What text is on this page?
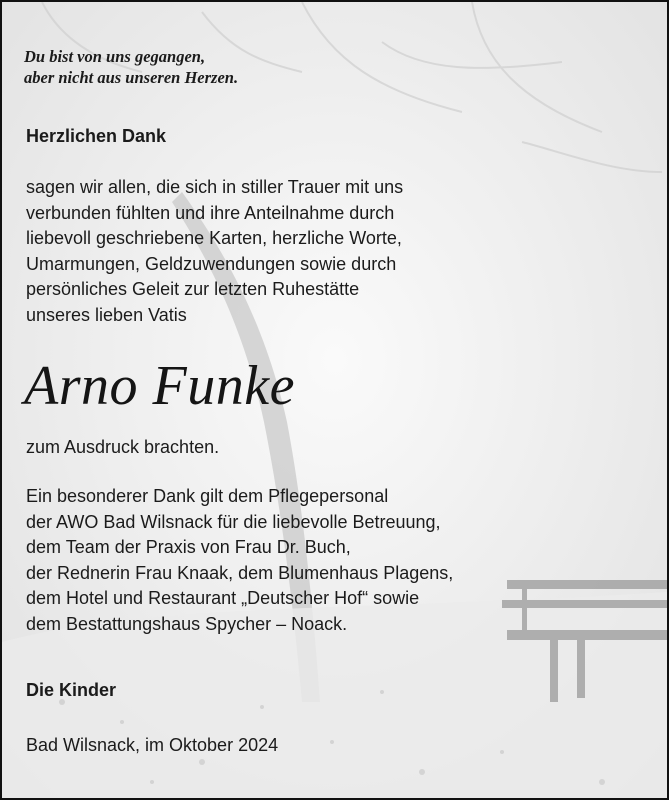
Du bist von uns gegangen,
aber nicht aus unseren Herzen.
Herzlichen Dank
sagen wir allen, die sich in stiller Trauer mit uns
verbunden fühlten und ihre Anteilnahme durch
liebevoll geschriebene Karten, herzliche Worte,
Umarmungen, Geldzuwendungen sowie durch
persönliches Geleit zur letzten Ruhestätte
unseres lieben Vatis
Arno Funke
zum Ausdruck brachten.
Ein besonderer Dank gilt dem Pflegepersonal
der AWO Bad Wilsnack für die liebevolle Betreuung,
dem Team der Praxis von Frau Dr. Buch,
der Rednerin Frau Knaak, dem Blumenhaus Plagens,
dem Hotel und Restaurant „Deutscher Hof“ sowie
dem Bestattungshaus Spycher – Noack.
Die Kinder
Bad Wilsnack, im Oktober 2024
